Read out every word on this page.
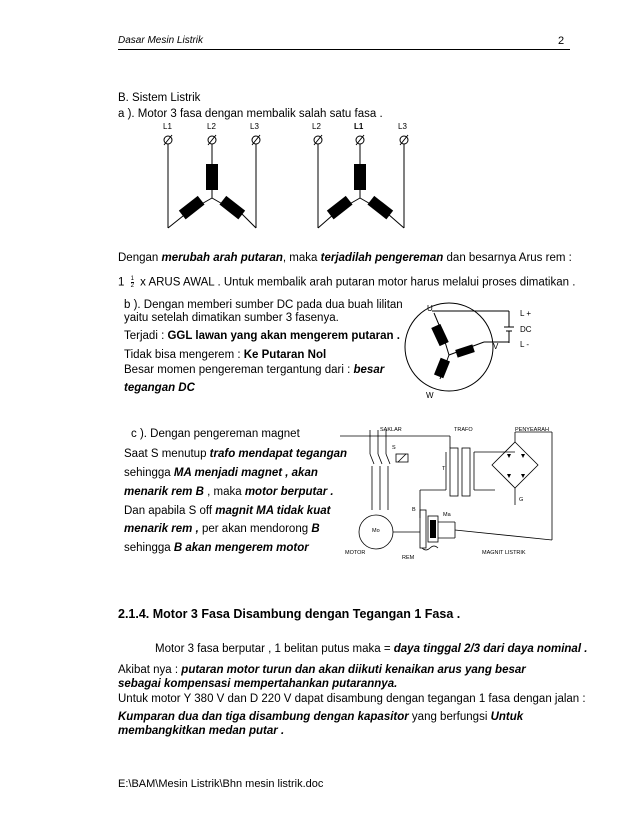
Dasar Mesin Listrik	2
B. Sistem Listrik
a ). Motor 3 fasa dengan membalik salah satu fasa .
L1	L2	L3	L2	L1	L3
Dengan merubah arah putaran, maka terjadilah pengereman dan besarnya Arus rem :
$1 \frac{1}{2}$ x ARUS AWAL . Untuk membalik arah putaran motor harus melalui proses dimatikan .
b ). Dengan memberi sumber DC pada dua buah lilitan
yaitu setelah dimatikan sumber 3 fasenya.
Terjadi : GGL lawan yang akan mengerem putaran .
Tidak bisa mengerem : Ke Putaran Nol
Besar momen pengereman tergantung dari : besar
tegangan DC
U
V
W
L +
DC
L -
c ). Dengan pengereman magnet
Saat S menutup trafo mendapat tegangan
sehingga MA menjadi magnet , akan
menarik rem B , maka motor berputar .
Dan apabila S off magnit MA tidak kuat
menarik rem , per akan mendorong B
sehingga B akan mengerem motor
SAKLAR	TRAFO	PENYEARAH
S
T
G
B
Ma
Mo
MOTOR
REM
MAGNIT LISTRIK
2.1.4. Motor 3 Fasa Disambung dengan Tegangan 1 Fasa .
Motor 3 fasa berputar , 1 belitan putus maka = daya tinggal 2/3 dari daya nominal .
Akibat nya : putaran motor turun dan akan diikuti kenaikan arus yang besar sebagai kompensasi mempertahankan putarannya.
Untuk motor Y 380 V dan D 220 V dapat disambung dengan tegangan 1 fasa dengan jalan :
Kumparan dua dan tiga disambung dengan kapasitor yang berfungsi Untuk membangkitkan medan putar .
E:\BAM\Mesin Listrik\Bhn mesin listrik.doc
